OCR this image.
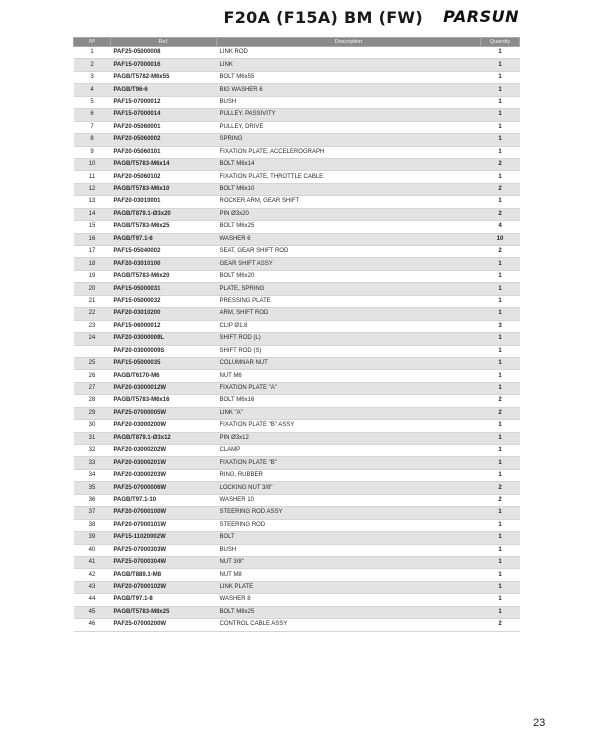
F20A (F15A) BM (FW) PARSUN
Nº	Ref.	Description	Quantity
1	PAF25-05000008	LINK ROD	1
2	PAF15-07000016	LINK	1
3	PAGB/T5782-M6x55	BOLT M6x55	1
4	PAGB/T96-6	BIG WASHER 6	1
5	PAF15-07000012	BUSH	1
6	PAF15-07000014	PULLEY, PASSIVITY	1
7	PAF20-05060001	PULLEY, DRIVE	1
8	PAF20-05060002	SPRING	1
9	PAF20-05060101	FIXATION PLATE, ACCELEROGRAPH	1
10	PAGB/T5783-M6x14	BOLT M6x14	2
11	PAF20-05060102	FIXATION PLATE, THROTTLE CABLE	1
12	PAGB/T5783-M6x10	BOLT M6x10	2
13	PAF20-03010001	ROCKER ARM, GEAR SHIFT	1
14	PAGB/T879.1-Ø3x20	PIN Ø3x20	2
15	PAGB/T5783-M6x25	BOLT M6x25	4
16	PAGB/T97.1-6	WASHER 6	10
17	PAF15-05040002	SEAT, GEAR SHIFT ROD	2
18	PAF20-03010100	GEAR SHIFT ASSY	1
19	PAGB/T5783-M6x20	BOLT M6x20	1
20	PAF15-05000031	PLATE, SPRING	1
21	PAF15-05000032	PRESSING PLATE	1
22	PAF20-03010200	ARM, SHIFT ROD	1
23	PAF15-06000012	CLIP Ø1.8	3
24	PAF20-03000009L	SHIFT ROD (L)	1
	PAF20-03000009S	SHIFT ROD (S)	1
25	PAF15-05000035	COLUMNAR NUT	1
26	PAGB/T6170-M6	NUT M6	1
27	PAF20-03000012W	FIXATION PLATE "A"	1
28	PAGB/T5783-M6x16	BOLT M6x16	2
29	PAF25-07000005W	LINK "A"	2
30	PAF20-03000200W	FIXATION PLATE "B" ASSY	1
31	PAGB/T879.1-Ø3x12	PIN Ø3x12	1
32	PAF20-03000202W	CLAMP	1
33	PAF20-03000201W	FIXATION PLATE "B"	1
34	PAF20-03000203W	RING, RUBBER	1
35	PAF25-07000006W	LOCKING NUT 3/8"	2
36	PAGB/T97.1-10	WASHER 10	2
37	PAF20-07000100W	STEERING ROD ASSY	1
38	PAF20-07000101W	STEERING ROD	1
39	PAF15-11020002W	BOLT	1
40	PAF25-07000303W	BUSH	1
41	PAF25-07000304W	NUT 3/8"	1
42	PAGB/T889.1-M8	NUT M8	1
43	PAF20-07000102W	LINK PLATE	1
44	PAGB/T97.1-8	WASHER 8	1
45	PAGB/T5783-M8x25	BOLT M8x25	1
46	PAF25-07000200W	CONTROL CABLE ASSY	2
23
